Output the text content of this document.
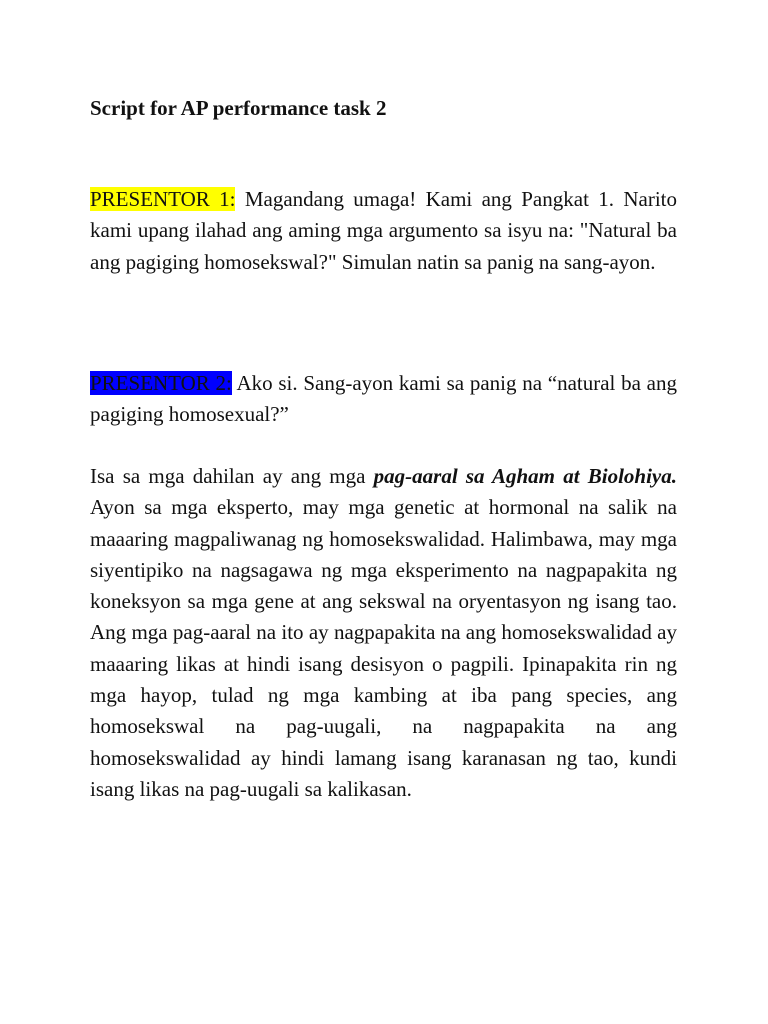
Script for AP performance task 2

PRESENTOR 1: Magandang umaga! Kami ang Pangkat 1. Narito kami upang ilahad ang aming mga argumento sa isyu na: "Natural ba ang pagiging homosekswal?" Simulan natin sa panig na sang-ayon.

PRESENTOR 2: Ako si. Sang-ayon kami sa panig na “natural ba ang pagiging homosexual?”

Isa sa mga dahilan ay ang mga pag-aaral sa Agham at Biolohiya. Ayon sa mga eksperto, may mga genetic at hormonal na salik na maaaring magpaliwanag ng homosekswalidad. Halimbawa, may mga siyentipiko na nagsagawa ng mga eksperimento na nagpapakita ng koneksyon sa mga gene at ang sekswal na oryentasyon ng isang tao. Ang mga pag-aaral na ito ay nagpapakita na ang homosekswalidad ay maaaring likas at hindi isang desisyon o pagpili. Ipinapakita rin ng mga hayop, tulad ng mga kambing at iba pang species, ang homosekswal na pag-uugali, na nagpapakita na ang homosekswalidad ay hindi lamang isang karanasan ng tao, kundi isang likas na pag-uugali sa kalikasan.
